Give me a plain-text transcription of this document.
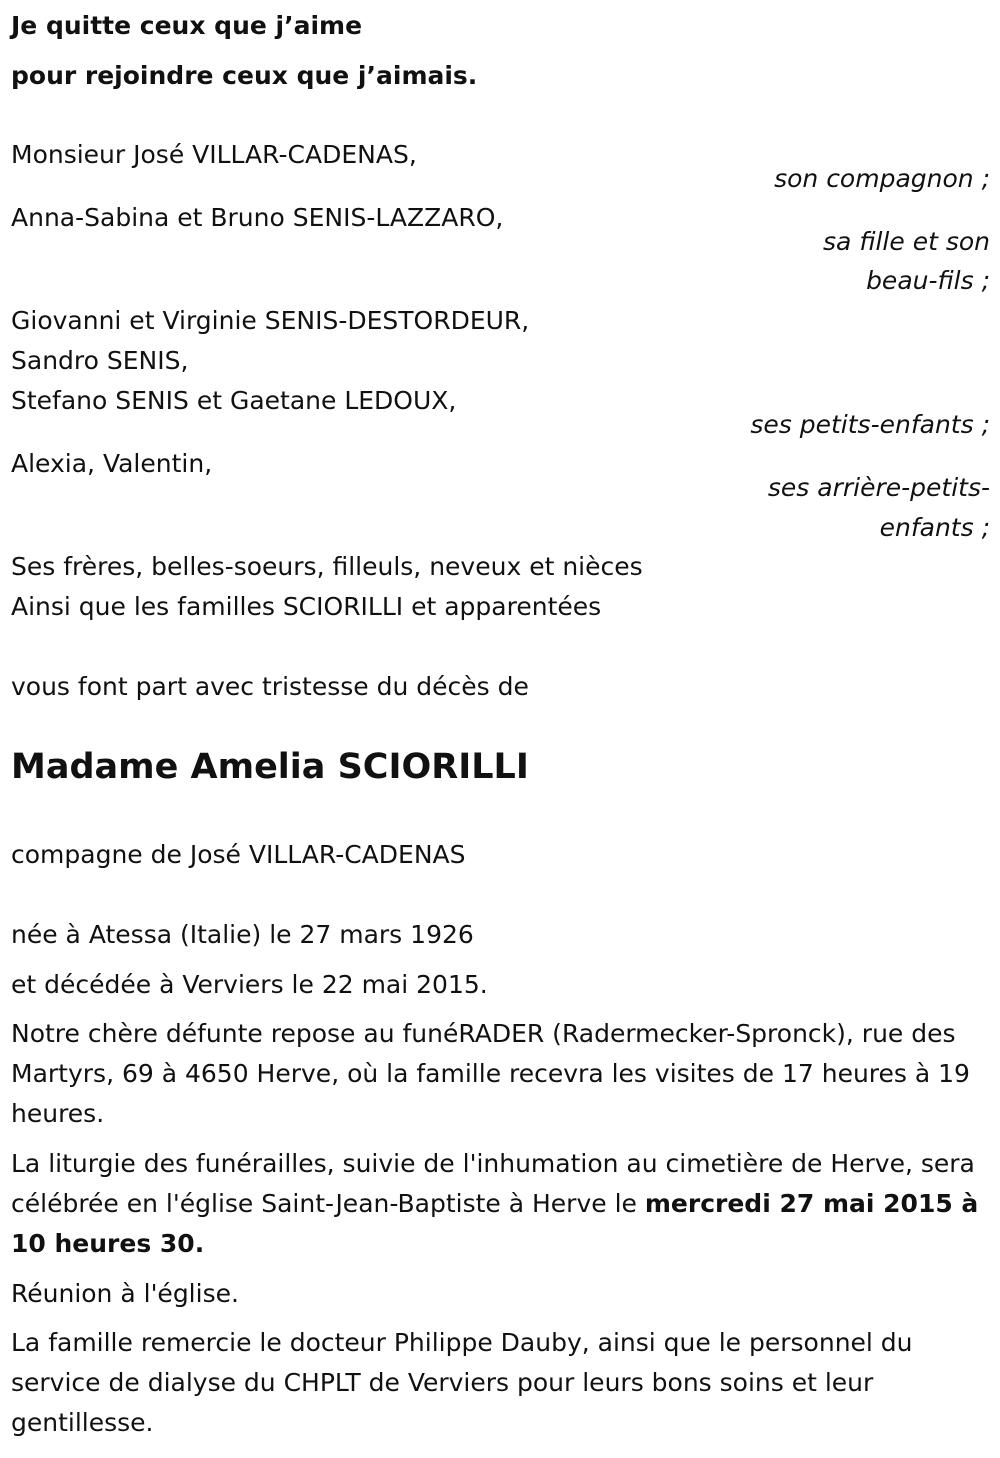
Je quitte ceux que j’aime
pour rejoindre ceux que j’aimais.
Monsieur José VILLAR-CADENAS,
son compagnon ;
Anna-Sabina et Bruno SENIS-LAZZARO,
sa fille et son
beau-fils ;
Giovanni et Virginie SENIS-DESTORDEUR,
Sandro SENIS,
Stefano SENIS et Gaetane LEDOUX,
ses petits-enfants ;
Alexia, Valentin,
ses arrière-petits-
enfants ;
Ses frères, belles-soeurs, filleuls, neveux et nièces
Ainsi que les familles SCIORILLI et apparentées
vous font part avec tristesse du décès de
Madame Amelia SCIORILLI
compagne de José VILLAR-CADENAS
née à Atessa (Italie) le 27 mars 1926
et décédée à Verviers le 22 mai 2015.
Notre chère défunte repose au funéRADER (Radermecker-Spronck), rue des Martyrs, 69 à 4650 Herve, où la famille recevra les visites de 17 heures à 19 heures.
La liturgie des funérailles, suivie de l'inhumation au cimetière de Herve, sera célébrée en l'église Saint-Jean-Baptiste à Herve le mercredi 27 mai 2015 à 10 heures 30.
Réunion à l'église.
La famille remercie le docteur Philippe Dauby, ainsi que le personnel du service de dialyse du CHPLT de Verviers pour leurs bons soins et leur gentillesse.
